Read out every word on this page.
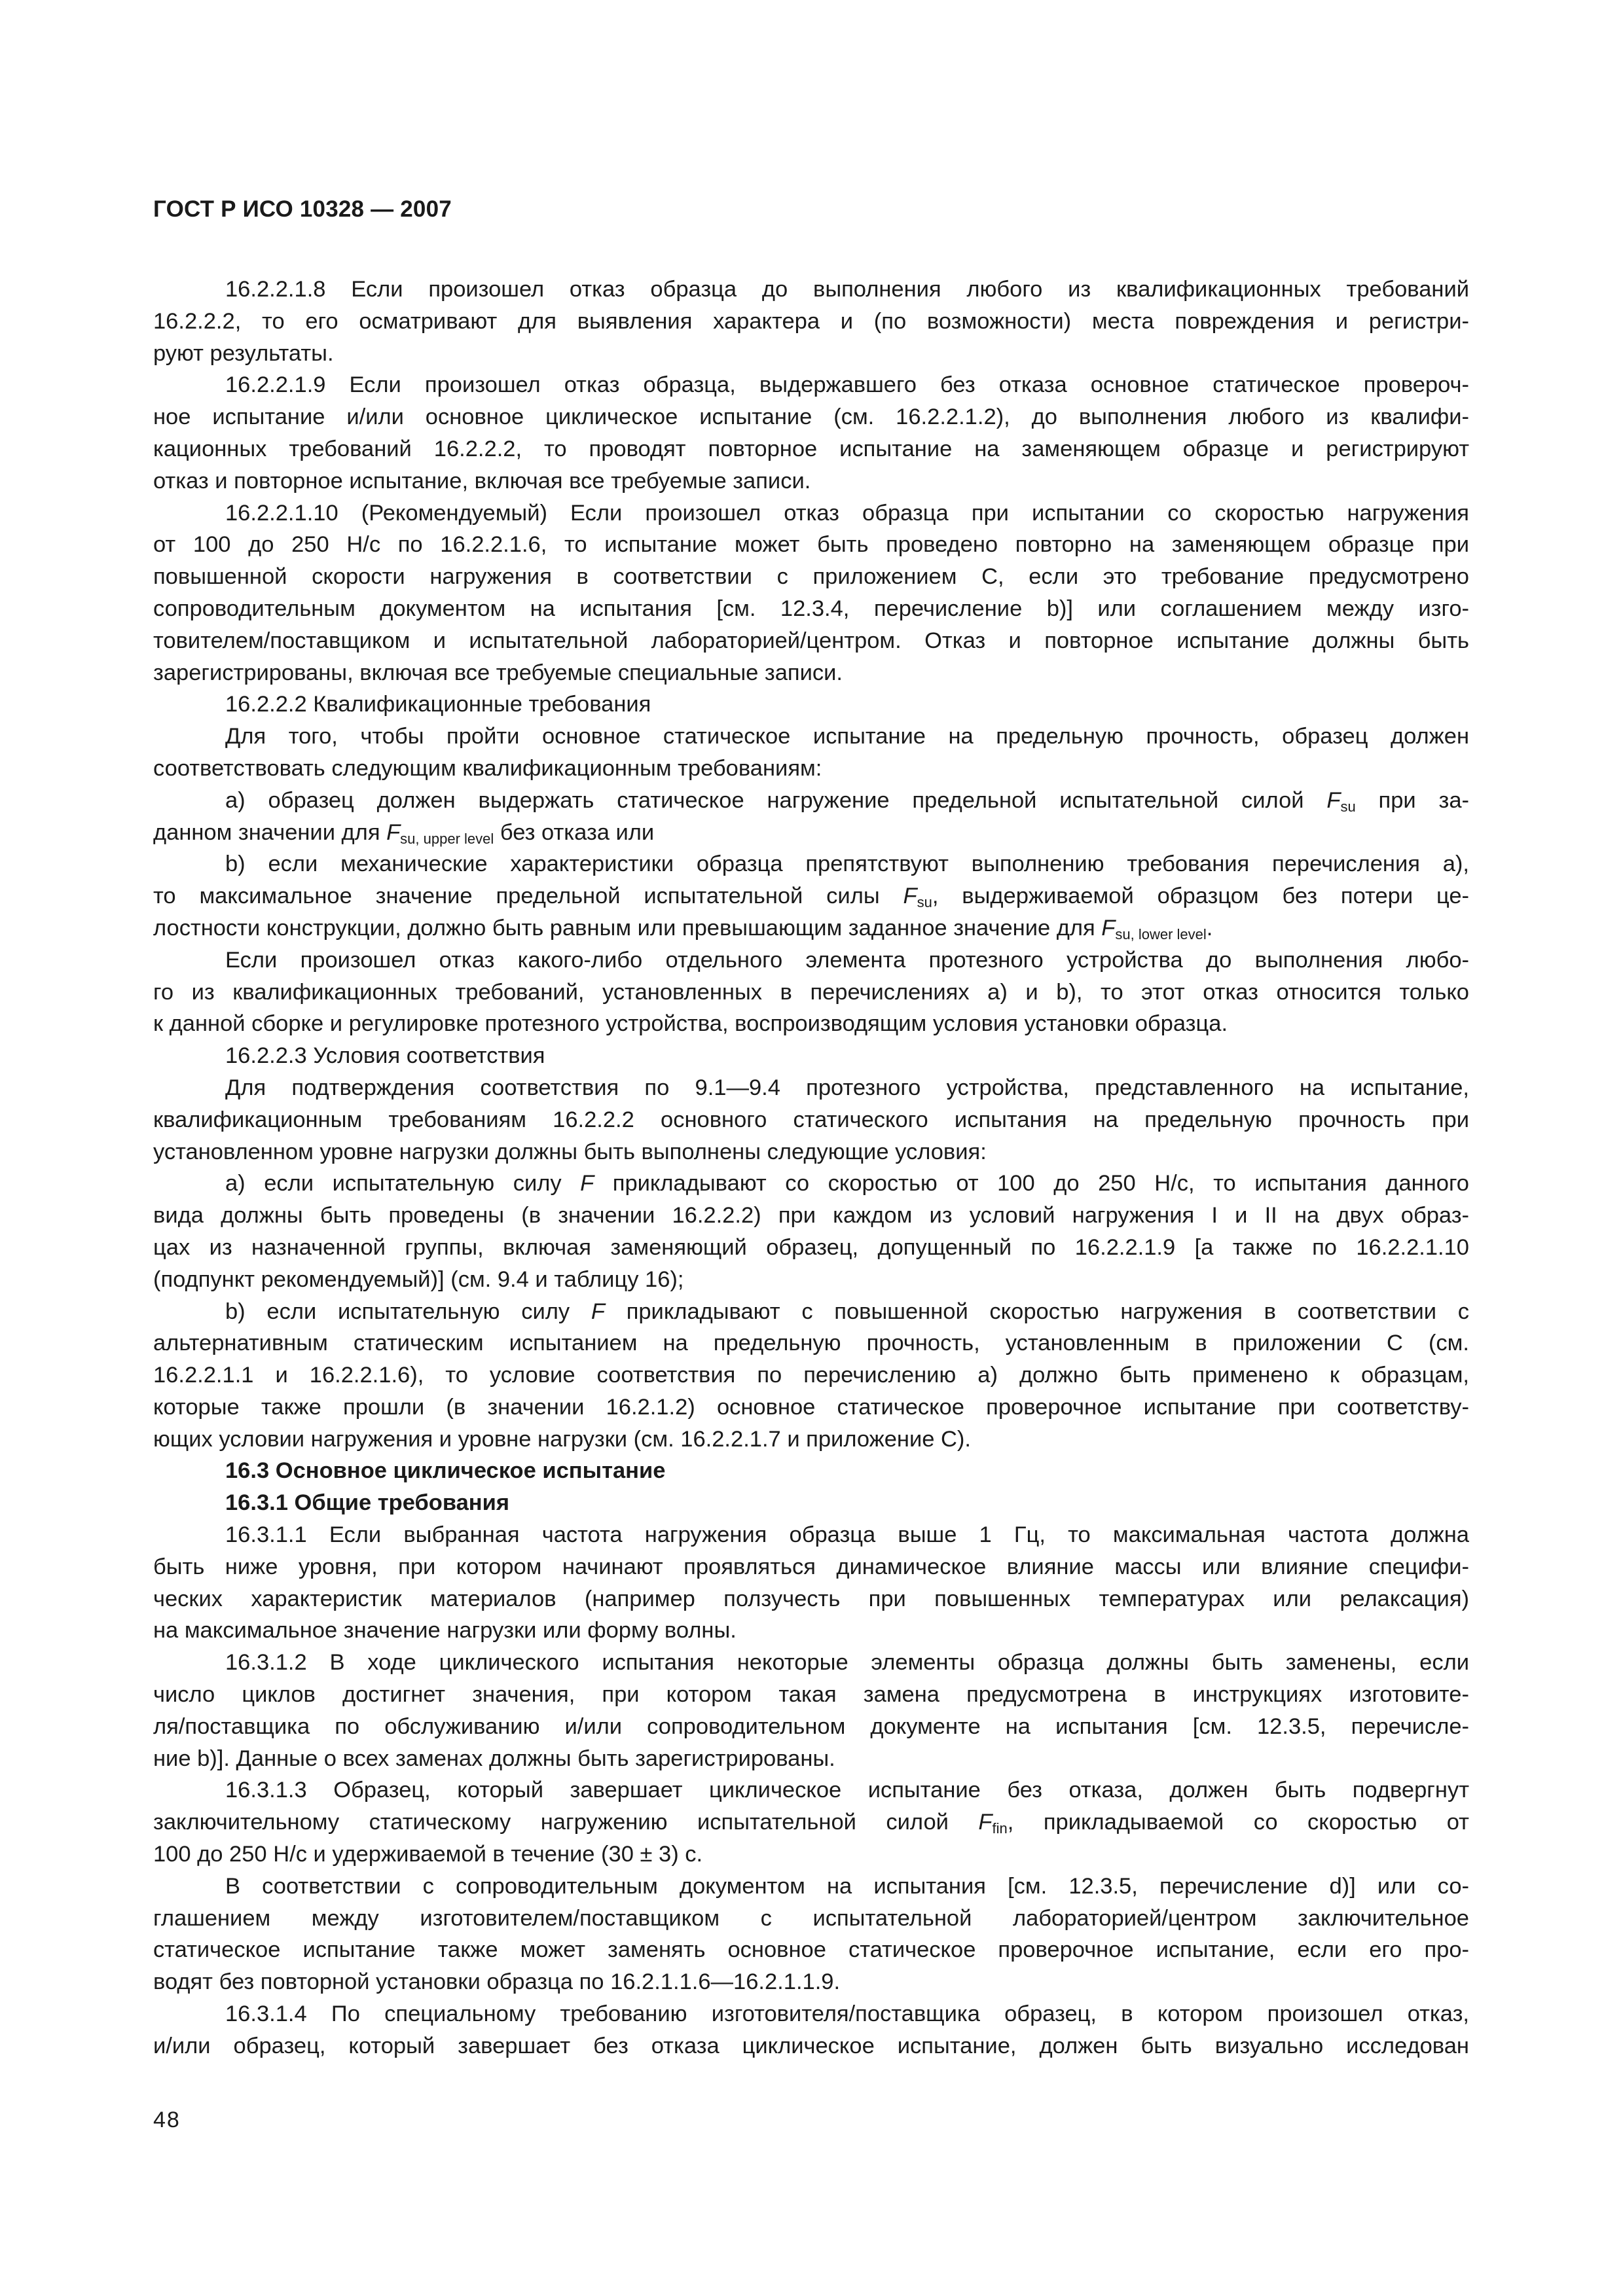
ГОСТ Р ИСО 10328 — 2007
16.2.2.1.8 Если произошел отказ образца до выполнения любого из квалификационных требований
16.2.2.2, то его осматривают для выявления характера и (по возможности) места повреждения и регистри-
руют результаты.
16.2.2.1.9 Если произошел отказ образца, выдержавшего без отказа основное статическое провероч-
ное испытание и/или основное циклическое испытание (см. 16.2.2.1.2), до выполнения любого из квалифи-
кационных требований 16.2.2.2, то проводят повторное испытание на заменяющем образце и регистрируют
отказ и повторное испытание, включая все требуемые записи.
16.2.2.1.10 (Рекомендуемый) Если произошел отказ образца при испытании со скоростью нагружения
от 100 до 250 Н/с по 16.2.2.1.6, то испытание может быть проведено повторно на заменяющем образце при
повышенной скорости нагружения в соответствии с приложением С, если это требование предусмотрено
сопроводительным документом на испытания [см. 12.3.4, перечисление b)] или соглашением между изго-
товителем/поставщиком и испытательной лабораторией/центром. Отказ и повторное испытание должны быть
зарегистрированы, включая все требуемые специальные записи.
16.2.2.2 Квалификационные требования
Для того, чтобы пройти основное статическое испытание на предельную прочность, образец должен
соответствовать следующим квалификационным требованиям:
а) образец должен выдержать статическое нагружение предельной испытательной силой $F_{su}$ при за-
данном значении для $F_{su, upper level}$ без отказа или
b) если механические характеристики образца препятствуют выполнению требования перечисления а),
то максимальное значение предельной испытательной силы $F_{su}$, выдерживаемой образцом без потери це-
лостности конструкции, должно быть равным или превышающим заданное значение для $F_{su, lower level}$.
Если произошел отказ какого-либо отдельного элемента протезного устройства до выполнения любо-
го из квалификационных требований, установленных в перечислениях а) и b), то этот отказ относится только
к данной сборке и регулировке протезного устройства, воспроизводящим условия установки образца.
16.2.2.3 Условия соответствия
Для подтверждения соответствия по 9.1—9.4 протезного устройства, представленного на испытание,
квалификационным требованиям 16.2.2.2 основного статического испытания на предельную прочность при
установленном уровне нагрузки должны быть выполнены следующие условия:
а) если испытательную силу F прикладывают со скоростью от 100 до 250 Н/с, то испытания данного
вида должны быть проведены (в значении 16.2.2.2) при каждом из условий нагружения I и II на двух образ-
цах из назначенной группы, включая заменяющий образец, допущенный по 16.2.2.1.9 [а также по 16.2.2.1.10
(подпункт рекомендуемый)] (см. 9.4 и таблицу 16);
b) если испытательную силу F прикладывают с повышенной скоростью нагружения в соответствии с
альтернативным статическим испытанием на предельную прочность, установленным в приложении С (см.
16.2.2.1.1 и 16.2.2.1.6), то условие соответствия по перечислению а) должно быть применено к образцам,
которые также прошли (в значении 16.2.1.2) основное статическое проверочное испытание при соответству-
ющих условии нагружения и уровне нагрузки (см. 16.2.2.1.7 и приложение С).
16.3 Основное циклическое испытание
16.3.1 Общие требования
16.3.1.1 Если выбранная частота нагружения образца выше 1 Гц, то максимальная частота должна
быть ниже уровня, при котором начинают проявляться динамическое влияние массы или влияние специфи-
ческих характеристик материалов (например ползучесть при повышенных температурах или релаксация)
на максимальное значение нагрузки или форму волны.
16.3.1.2 В ходе циклического испытания некоторые элементы образца должны быть заменены, если
число циклов достигнет значения, при котором такая замена предусмотрена в инструкциях изготовите-
ля/поставщика по обслуживанию и/или сопроводительном документе на испытания [см. 12.3.5, перечисле-
ние b)]. Данные о всех заменах должны быть зарегистрированы.
16.3.1.3 Образец, который завершает циклическое испытание без отказа, должен быть подвергнут
заключительному статическому нагружению испытательной силой $F_{fin}$, прикладываемой со скоростью от
100 до 250 Н/с и удерживаемой в течение (30 ± 3) с.
В соответствии с сопроводительным документом на испытания [см. 12.3.5, перечисление d)] или со-
глашением между изготовителем/поставщиком с испытательной лабораторией/центром заключительное
статическое испытание также может заменять основное статическое проверочное испытание, если его про-
водят без повторной установки образца по 16.2.1.1.6—16.2.1.1.9.
16.3.1.4 По специальному требованию изготовителя/поставщика образец, в котором произошел отказ,
и/или образец, который завершает без отказа циклическое испытание, должен быть визуально исследован
48
